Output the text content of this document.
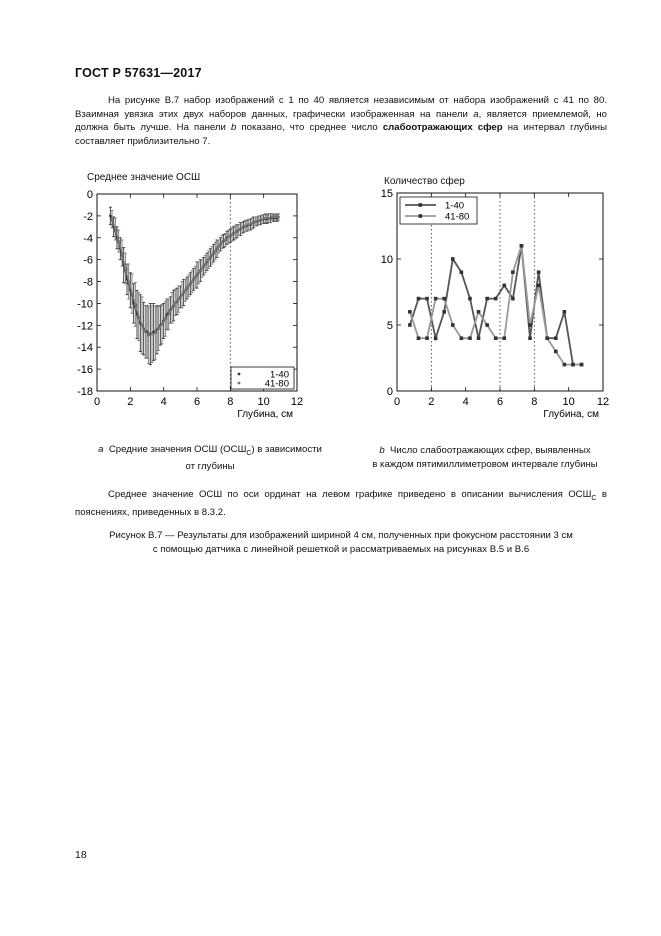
ГОСТ Р 57631—2017
На рисунке В.7 набор изображений с 1 по 40 является независимым от набора изображений с 41 по 80. Взаимная увязка этих двух наборов данных, графически изображенная на панели a, является приемлемой, но должна быть лучше. На панели b показано, что среднее число слабоотражающих сфер на интервал глубины составляет приблизительно 7.
Среднее значение ОСШ	Количество сфер
0 2 4 6 8 10 12
0
-2
-4
-6
-8
-10
-12
-14
-16
-18
Глубина, см
1-40
41-80
0	2	4	6	8 10 12
0
5
10
15
Глубина, см
1-40
41-80
a Средние значения ОСШ $(ОСШ_C)$ в зависимости
от глубины
b Число слабоотражающих сфер, выявленных
в каждом пятимиллиметровом интервале глубины
Среднее значение ОСШ по оси ординат на левом графике приведено в описании вычисления $ОСШ_C$ в пояснениях, приведенных в 8.3.2.
Рисунок В.7 — Результаты для изображений шириной 4 см, полученных при фокусном расстоянии 3 см
с помощью датчика с линейной решеткой и рассматриваемых на рисунках В.5 и В.6
18
